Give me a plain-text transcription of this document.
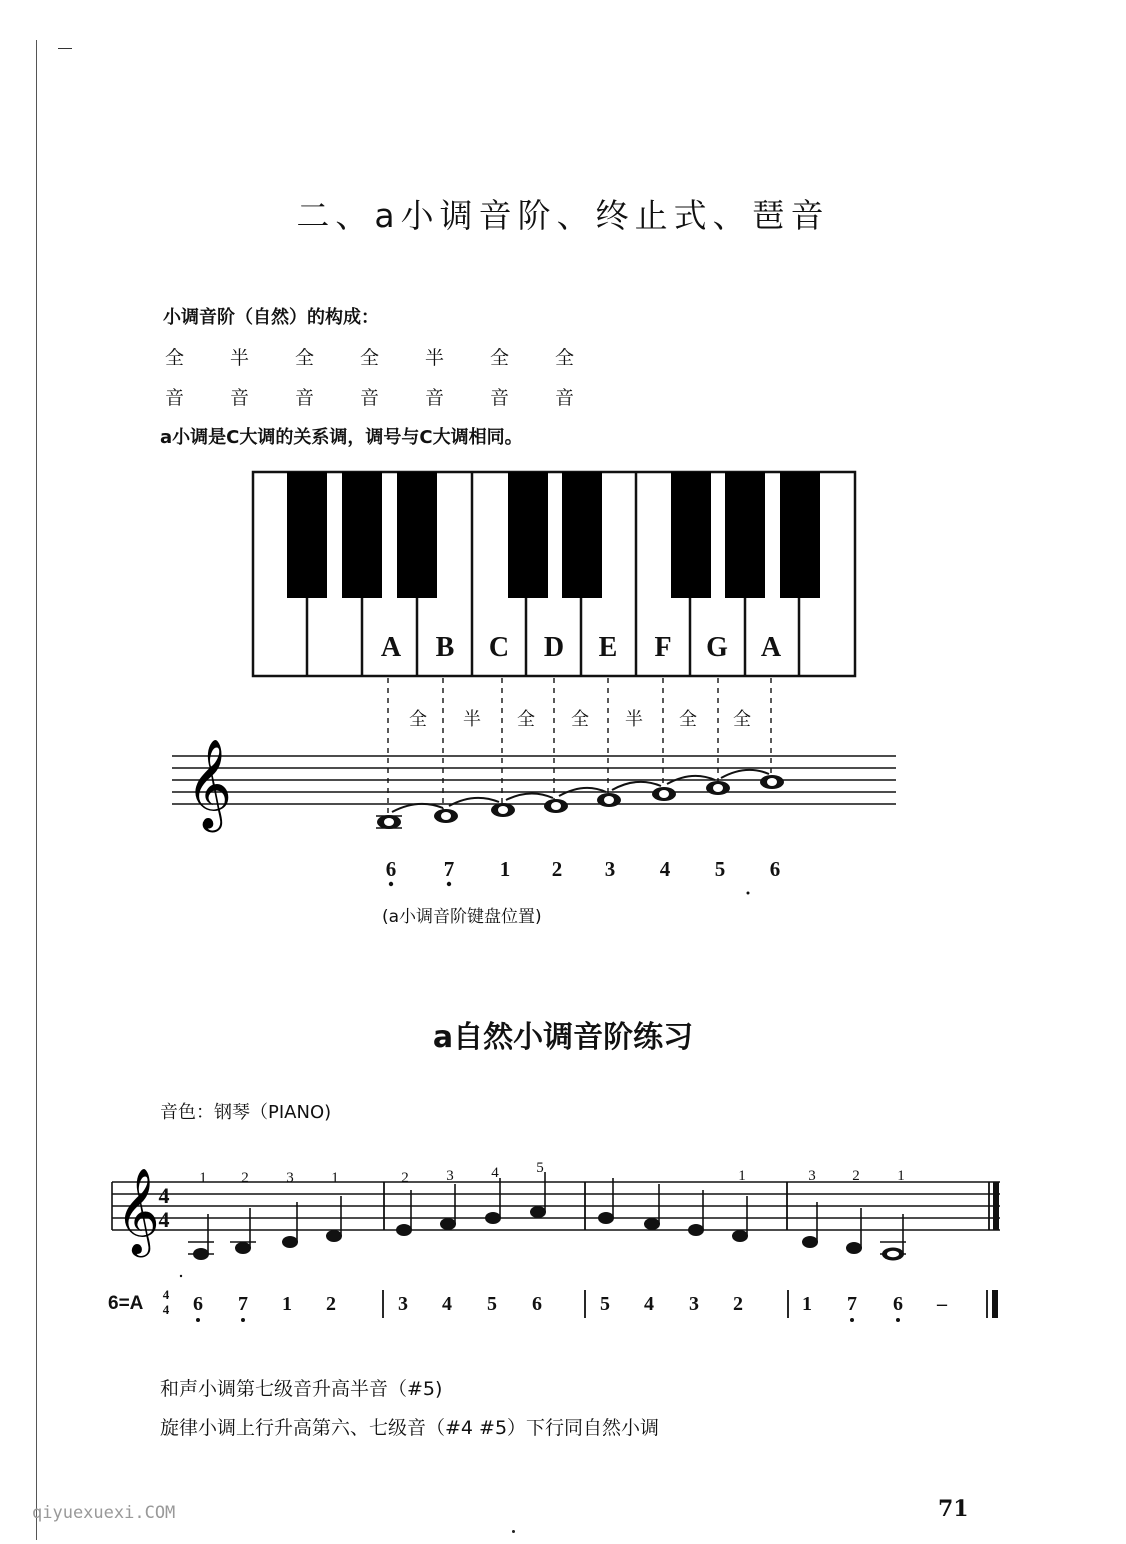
二、a小调音阶、终止式、琶音
小调音阶（自然）的构成：
全 半 全 全 半 全 全
音 音 音 音 音 音 音
a小调是C大调的关系调，调号与C大调相同。
A B C D E F G A
全 半 全 全 半 全 全
𝄞
6 7 1 2 3 4 5 6
(a小调音阶键盘位置)
a自然小调音阶练习
音色：钢琴（PIANO)
𝄞
4
4
1 2	3	1	2	3	4	5	1	3 2	1
6=A 4
4 6 7 1 2	3 4 5 6	5 4 3 2	1 7 6 –
和声小调第七级音升高半音（#5)
旋律小调上行升高第六、七级音（#4 #5）下行同自然小调
71
qiyuexuexi.COM
